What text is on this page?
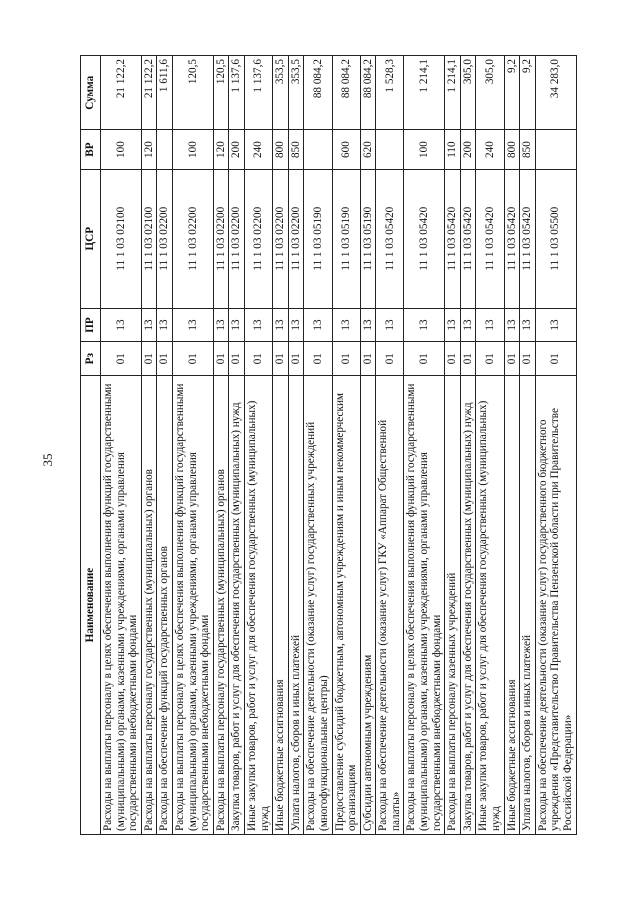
35
Наименование	Рз	ПР	ЦСР	ВР	Сумма
Расходы на выплаты персоналу в целях обеспечения выполнения функций государственными (муниципальными) органами, казенными учреждениями, органами управления государственными внебюджетными фондами	01	13	11 1 03 02100	100	21 122,2
Расходы на выплаты персоналу государственных (муниципальных) органов	01	13	11 1 03 02100	120	21 122,2
Расходы на обеспечение функций государственных органов	01	13	11 1 03 02200		1 611,6
Расходы на выплаты персоналу в целях обеспечения выполнения функций государственными (муниципальными) органами, казенными учреждениями, органами управления государственными внебюджетными фондами	01	13	11 1 03 02200	100	120,5
Расходы на выплаты персоналу государственных (муниципальных) органов	01	13	11 1 03 02200	120	120,5
Закупка товаров, работ и услуг для обеспечения государственных (муниципальных) нужд	01	13	11 1 03 02200	200	1 137,6
Иные закупки товаров, работ и услуг для обеспечения государственных (муниципальных) нужд	01	13	11 1 03 02200	240	1 137,6
Иные бюджетные ассигнования	01	13	11 1 03 02200	800	353,5
Уплата налогов, сборов и иных платежей	01	13	11 1 03 02200	850	353,5
Расходы на обеспечение деятельности (оказание услуг) государственных учреждений (многофункциональные центры)	01	13	11 1 03 05190		88 084,2
Предоставление субсидий бюджетным, автономным учреждениям и иным некоммерческим организациям	01	13	11 1 03 05190	600	88 084,2
Субсидии автономным учреждениям	01	13	11 1 03 05190	620	88 084,2
Расходы на обеспечение деятельности (оказание услуг) ГКУ «Аппарат Общественной палаты»	01	13	11 1 03 05420		1 528,3
Расходы на выплаты персоналу в целях обеспечения выполнения функций государственными (муниципальными) органами, казенными учреждениями, органами управления государственными внебюджетными фондами	01	13	11 1 03 05420	100	1 214,1
Расходы на выплаты персоналу казенных учреждений	01	13	11 1 03 05420	110	1 214,1
Закупка товаров, работ и услуг для обеспечения государственных (муниципальных) нужд	01	13	11 1 03 05420	200	305,0
Иные закупки товаров, работ и услуг для обеспечения государственных (муниципальных) нужд	01	13	11 1 03 05420	240	305,0
Иные бюджетные ассигнования	01	13	11 1 03 05420	800	9,2
Уплата налогов, сборов и иных платежей	01	13	11 1 03 05420	850	9,2
Расходы на обеспечение деятельности (оказание услуг) государственного бюджетного учреждения «Представительство Правительства Пензенской области при Правительстве Российской Федерации»	01	13	11 1 03 05500		34 283,0
